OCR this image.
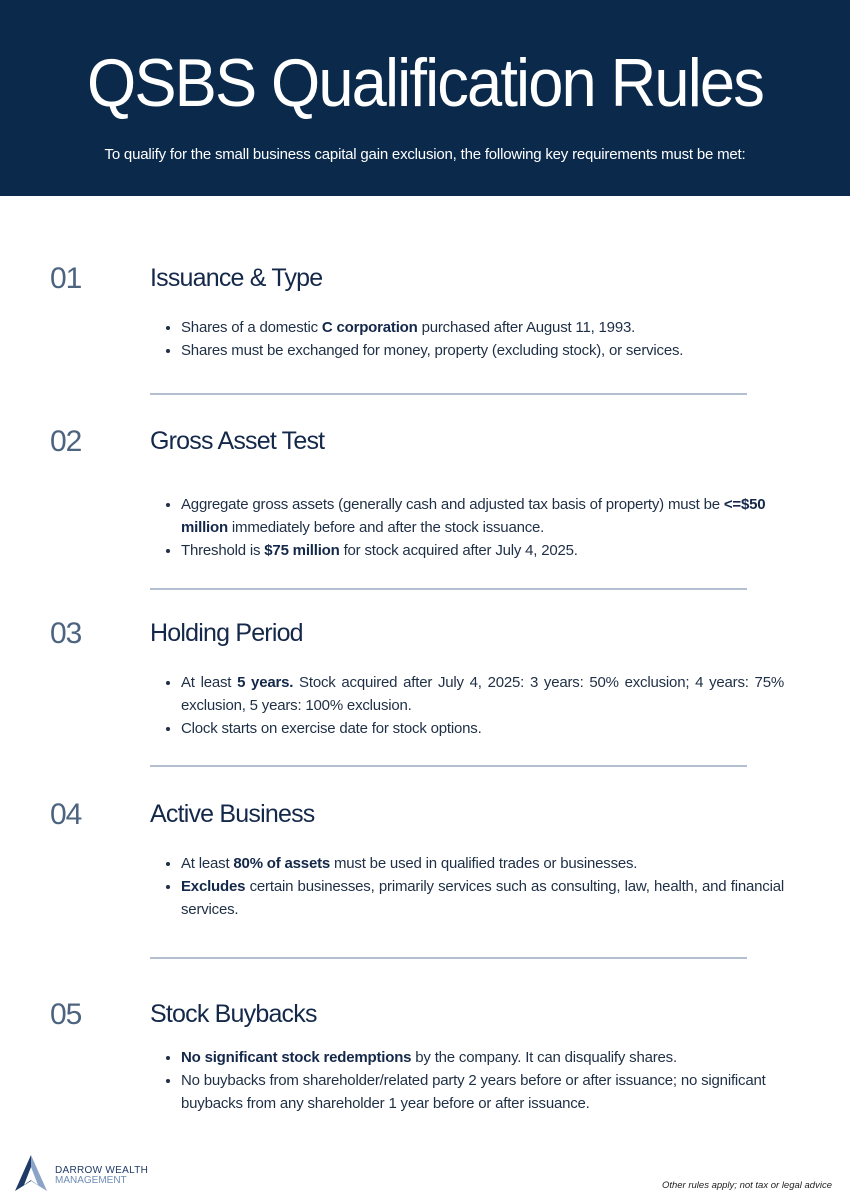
QSBS Qualification Rules
To qualify for the small business capital gain exclusion, the following key requirements must be met:
01	Issuance & Type
• Shares of a domestic C corporation purchased after August 11, 1993.
• Shares must be exchanged for money, property (excluding stock), or services.
02	Gross Asset Test
• Aggregate gross assets (generally cash and adjusted tax basis of property) must be <=$50 million immediately before and after the stock issuance.
• Threshold is $75 million for stock acquired after July 4, 2025.
03	Holding Period
• At least 5 years. Stock acquired after July 4, 2025: 3 years: 50% exclusion; 4 years: 75% exclusion, 5 years: 100% exclusion.
• Clock starts on exercise date for stock options.
04	Active Business
• At least 80% of assets must be used in qualified trades or businesses.
• Excludes certain businesses, primarily services such as consulting, law, health, and financial services.
05	Stock Buybacks
• No significant stock redemptions by the company. It can disqualify shares.
• No buybacks from shareholder/related party 2 years before or after issuance; no significant buybacks from any shareholder 1 year before or after issuance.
DARROW WEALTH
MANAGEMENT	Other rules apply; not tax or legal advice
